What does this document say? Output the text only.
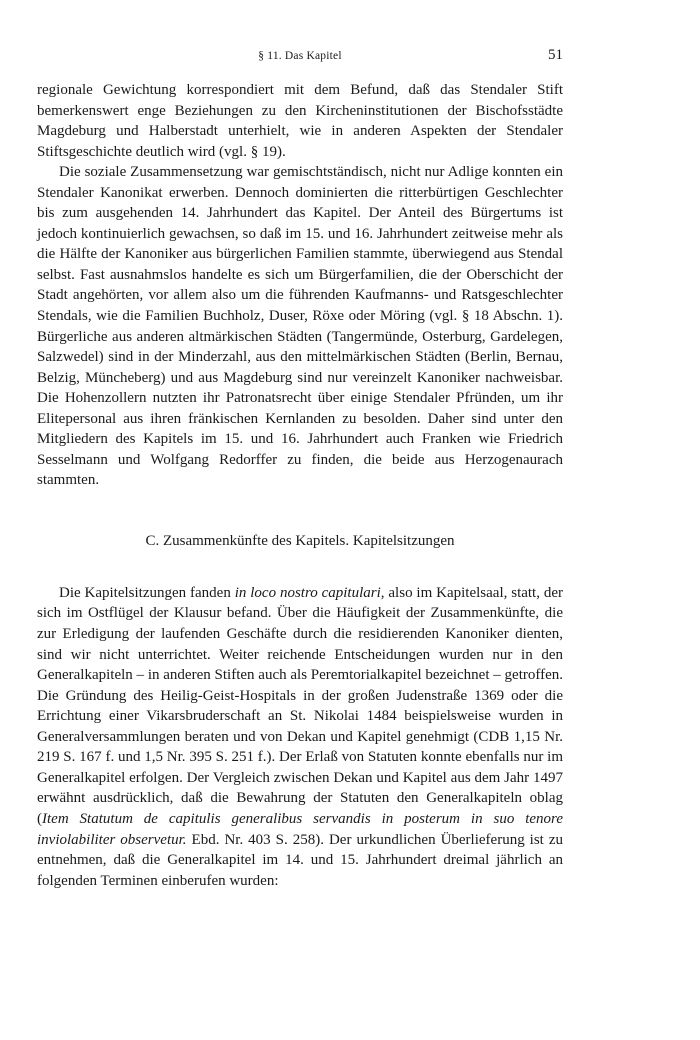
§ 11. Das Kapitel	51

regionale Gewichtung korrespondiert mit dem Befund, daß das Stendaler Stift bemerkenswert enge Beziehungen zu den Kircheninstitutionen der Bischofsstädte Magdeburg und Halberstadt unterhielt, wie in anderen Aspekten der Stendaler Stiftsgeschichte deutlich wird (vgl. § 19).

Die soziale Zusammensetzung war gemischtständisch, nicht nur Adlige konnten ein Stendaler Kanonikat erwerben. Dennoch dominierten die ritterbürtigen Geschlechter bis zum ausgehenden 14. Jahrhundert das Kapitel. Der Anteil des Bürgertums ist jedoch kontinuierlich gewachsen, so daß im 15. und 16. Jahrhundert zeitweise mehr als die Hälfte der Kanoniker aus bürgerlichen Familien stammte, überwiegend aus Stendal selbst. Fast ausnahmslos handelte es sich um Bürgerfamilien, die der Oberschicht der Stadt angehörten, vor allem also um die führenden Kaufmanns- und Ratsgeschlechter Stendals, wie die Familien Buchholz, Duser, Röxe oder Möring (vgl. § 18 Abschn. 1). Bürgerliche aus anderen altmärkischen Städten (Tangermünde, Osterburg, Gardelegen, Salzwedel) sind in der Minderzahl, aus den mittelmärkischen Städten (Berlin, Bernau, Belzig, Müncheberg) und aus Magdeburg sind nur vereinzelt Kanoniker nachweisbar. Die Hohenzollern nutzten ihr Patronatsrecht über einige Stendaler Pfründen, um ihr Elitepersonal aus ihren fränkischen Kernlanden zu besolden. Daher sind unter den Mitgliedern des Kapitels im 15. und 16. Jahrhundert auch Franken wie Friedrich Sesselmann und Wolfgang Redorffer zu finden, die beide aus Herzogenaurach stammten.

C. Zusammenkünfte des Kapitels. Kapitelsitzungen

Die Kapitelsitzungen fanden in loco nostro capitulari, also im Kapitelsaal, statt, der sich im Ostflügel der Klausur befand. Über die Häufigkeit der Zusammenkünfte, die zur Erledigung der laufenden Geschäfte durch die residierenden Kanoniker dienten, sind wir nicht unterrichtet. Weiter reichende Entscheidungen wurden nur in den Generalkapiteln – in anderen Stiften auch als Peremtorialkapitel bezeichnet – getroffen. Die Gründung des Heilig-Geist-Hospitals in der großen Judenstraße 1369 oder die Errichtung einer Vikarsbruderschaft an St. Nikolai 1484 beispielsweise wurden in Generalversammlungen beraten und von Dekan und Kapitel genehmigt (CDB 1,15 Nr. 219 S. 167 f. und 1,5 Nr. 395 S. 251 f.). Der Erlaß von Statuten konnte ebenfalls nur im Generalkapitel erfolgen. Der Vergleich zwischen Dekan und Kapitel aus dem Jahr 1497 erwähnt ausdrücklich, daß die Bewahrung der Statuten den Generalkapiteln oblag (Item Statutum de capitulis generalibus servandis in posterum in suo tenore inviolabiliter observetur. Ebd. Nr. 403 S. 258). Der urkundlichen Überlieferung ist zu entnehmen, daß die Generalkapitel im 14. und 15. Jahrhundert dreimal jährlich an folgenden Terminen einberufen wurden:
